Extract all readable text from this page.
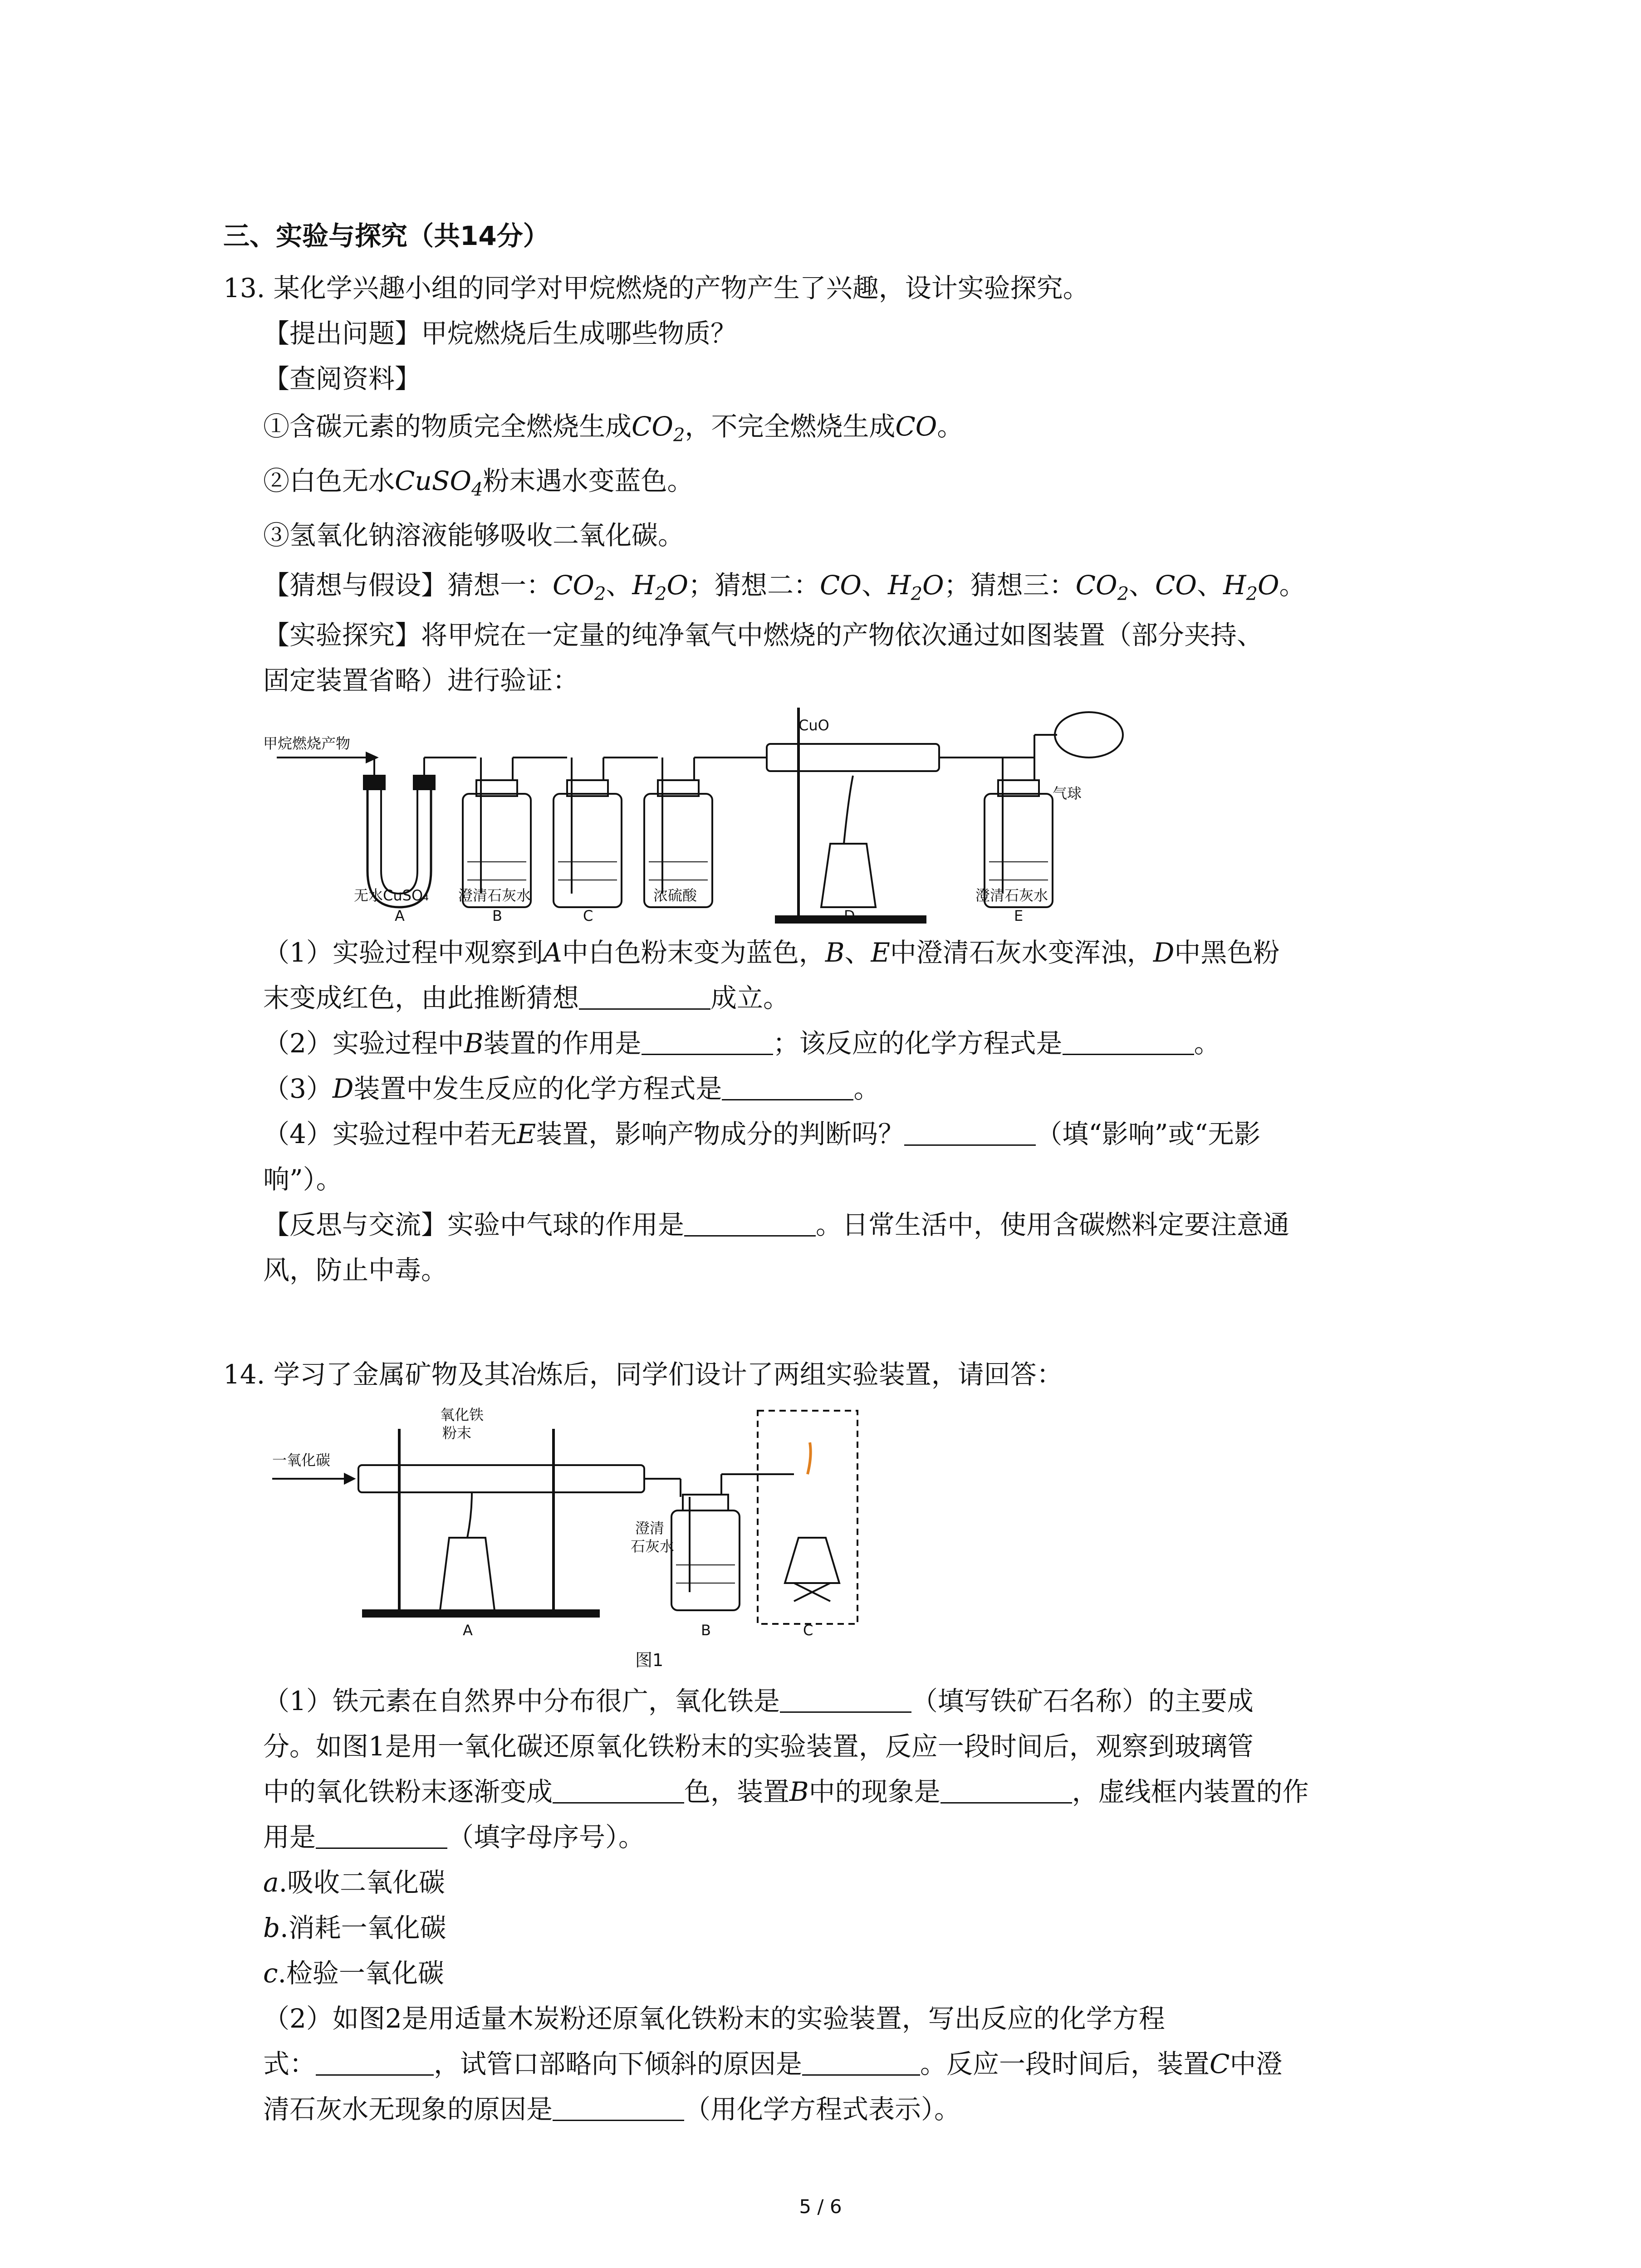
三、实验与探究（共14分）
13. 某化学兴趣小组的同学对甲烷燃烧的产物产生了兴趣，设计实验探究。
【提出问题】甲烷燃烧后生成哪些物质？
【查阅资料】
①含碳元素的物质完全燃烧生成$CO_2$，不完全燃烧生成CO。
②白色无水CuSO$_4$粉末遇水变蓝色。
③氢氧化钠溶液能够吸收二氧化碳。
【猜想与假设】猜想一：$CO_2$、$H_2O$；猜想二：CO、$H_2O$；猜想三：$CO_2$、CO、$H_2O$。
【实验探究】将甲烷在一定量的纯净氧气中燃烧的产物依次通过如图装置（部分夹持、
固定装置省略）进行验证：
甲烷燃烧产物
CuO
气球
无水CuSO₄ 澄清石灰水	浓硫酸	澄清石灰水
A	B	C	D	E
（1）实验过程中观察到A中白色粉末变为蓝色，B、E中澄清石灰水变浑浊，D中黑色粉
末变成红色，由此推断猜想	成立。
（2）实验过程中B装置的作用是	；该反应的化学方程式是	。
（3）D装置中发生反应的化学方程式是	。
（4）实验过程中若无E装置，影响产物成分的判断吗？	（填“影响”或“无影
响”）。
【反思与交流】实验中气球的作用是	。日常生活中，使用含碳燃料定要注意通
风，防止中毒。
14. 学习了金属矿物及其冶炼后，同学们设计了两组实验装置，请回答：
一氧化碳
氧化铁
粉末
澄清
石灰水
A	B	C
图1
（1）铁元素在自然界中分布很广，氧化铁是	（填写铁矿石名称）的主要成
分。如图1是用一氧化碳还原氧化铁粉末的实验装置，反应一段时间后，观察到玻璃管
中的氧化铁粉末逐渐变成	色，装置B中的现象是	，虚线框内装置的作
用是	（填字母序号）。
a.吸收二氧化碳
b.消耗一氧化碳
c.检验一氧化碳
（2）如图2是用适量木炭粉还原氧化铁粉末的实验装置，写出反应的化学方程
式：	，试管口部略向下倾斜的原因是	。反应一段时间后，装置C中澄
清石灰水无现象的原因是	（用化学方程式表示）。
5 / 6
